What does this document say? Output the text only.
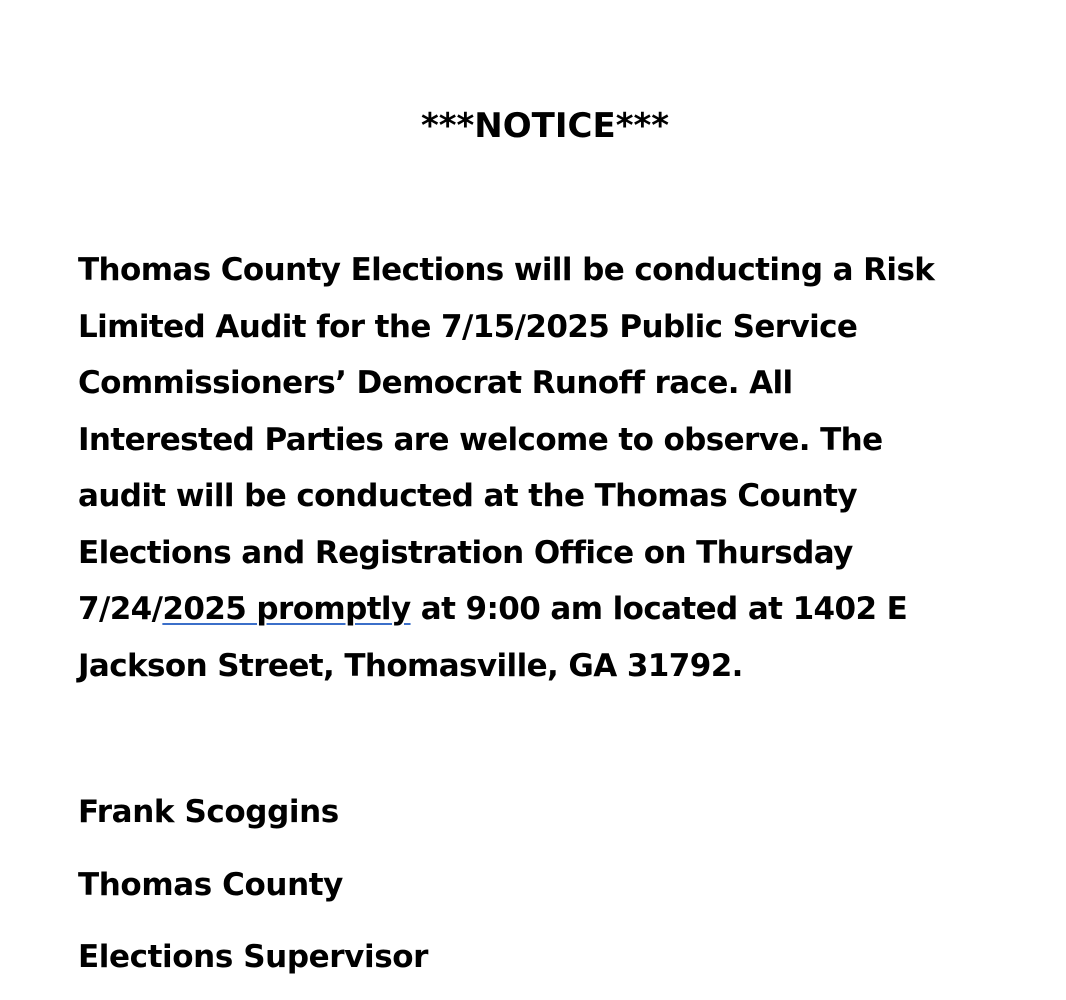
***NOTICE***
Thomas County Elections will be conducting a Risk
Limited Audit for the 7/15/2025 Public Service
Commissioners’ Democrat Runoff race. All
Interested Parties are welcome to observe. The
audit will be conducted at the Thomas County
Elections and Registration Office on Thursday
7/24/2025 promptly at 9:00 am located at 1402 E
Jackson Street, Thomasville, GA 31792.

Frank Scoggins

Thomas County

Elections Supervisor
